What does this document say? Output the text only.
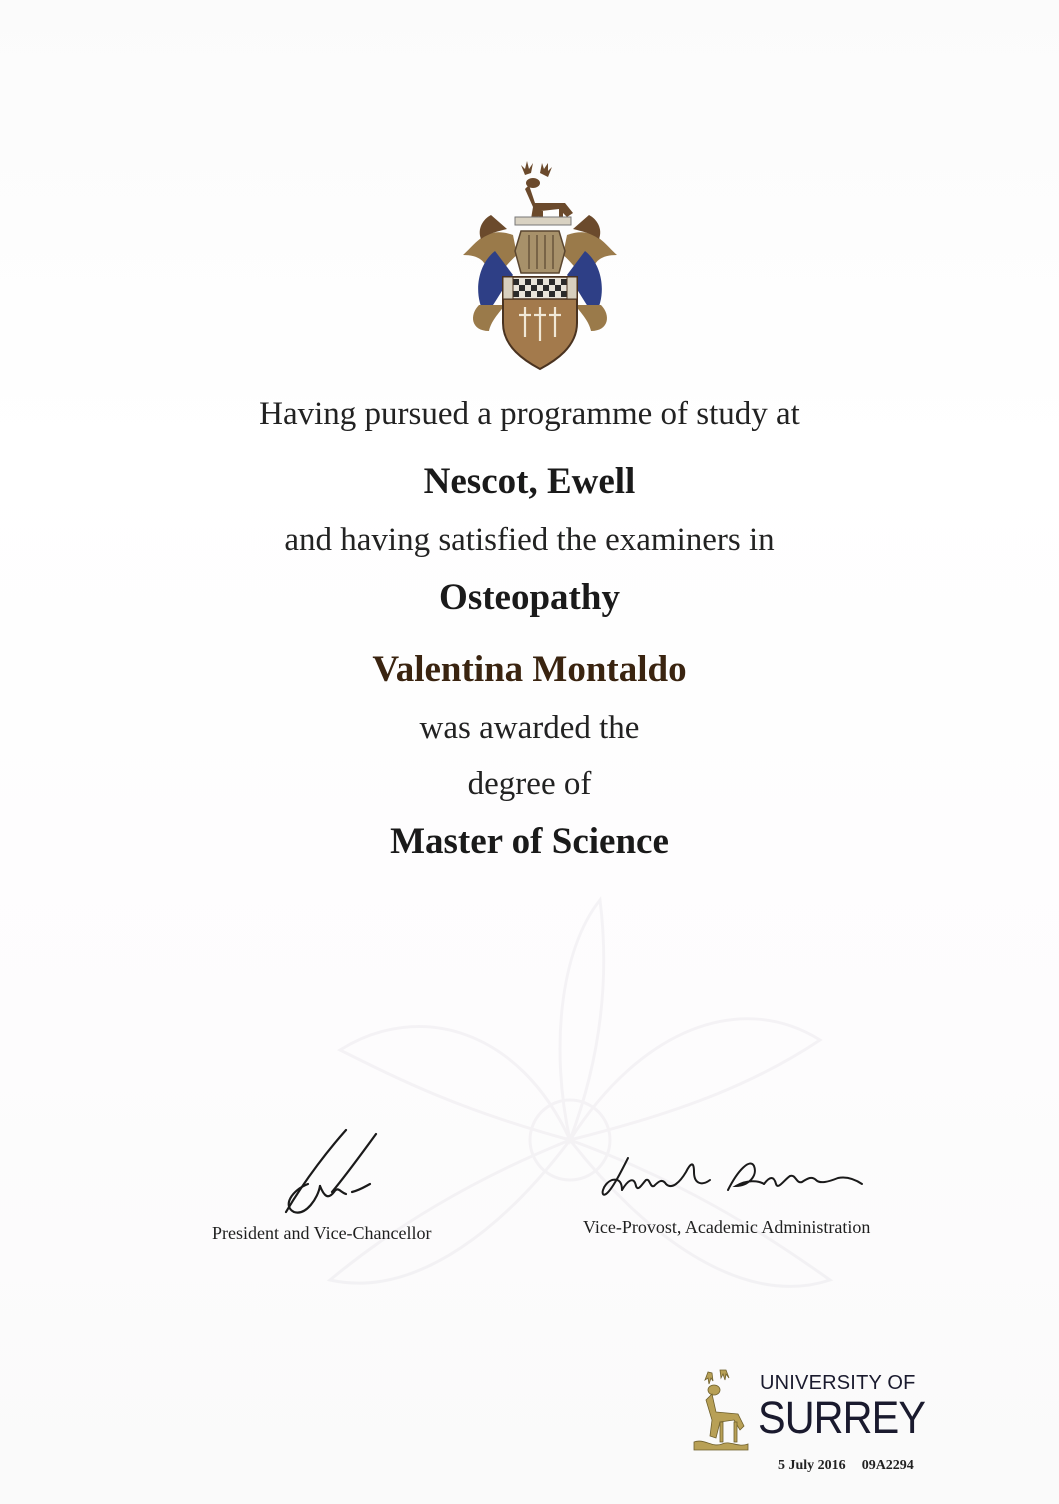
Having pursued a programme of study at
Nescot, Ewell
and having satisfied the examiners in
Osteopathy
Valentina Montaldo
was awarded the
degree of
Master of Science
President and Vice-Chancellor	Vice-Provost, Academic Administration
UNIVERSITY OF
SURREY
5 July 2016 09A2294
